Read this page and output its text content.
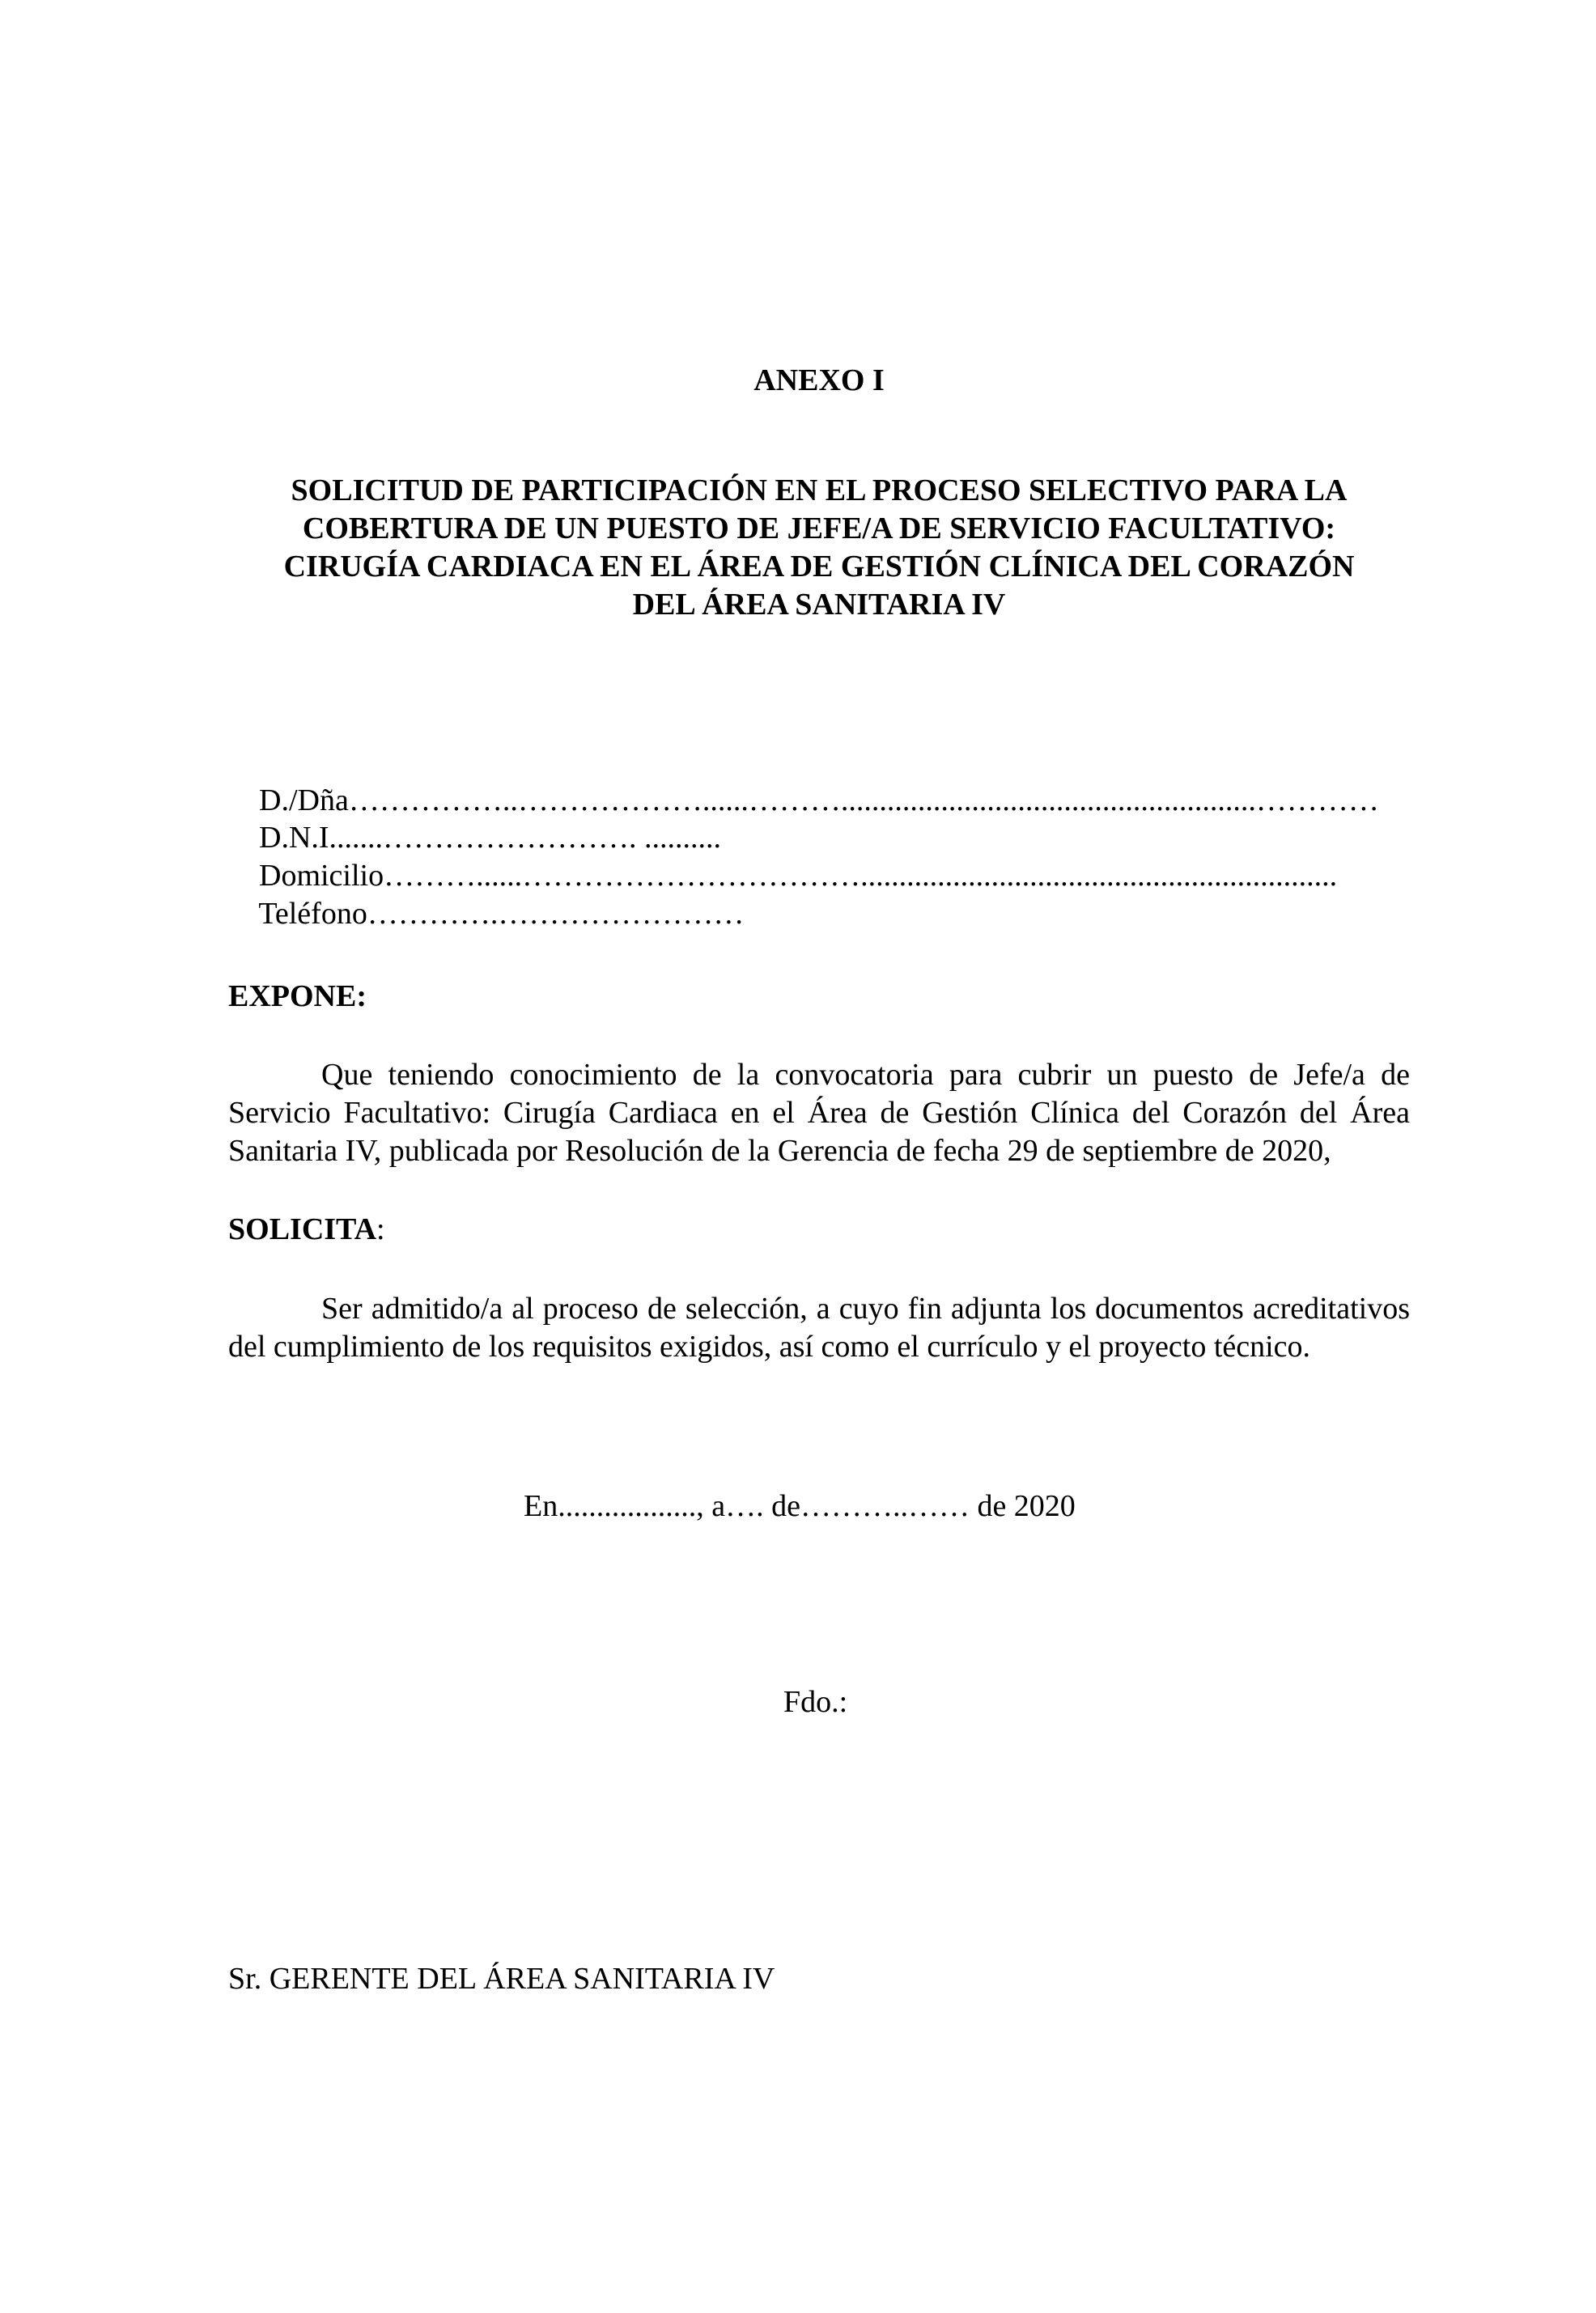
ANEXO I
SOLICITUD DE PARTICIPACIÓN EN EL PROCESO SELECTIVO PARA LA
COBERTURA DE UN PUESTO DE JEFE/A DE SERVICIO FACULTATIVO:
CIRUGÍA CARDIACA EN EL ÁREA DE GESTIÓN CLÍNICA DEL CORAZÓN
DEL ÁREA SANITARIA IV

D./Dña……………..………………......………......................................................…………

D.N.I.......……………………. ..........

Domicilio………......……………………………..............................................................

Teléfono………….……………………

EXPONE:
Que teniendo conocimiento de la convocatoria para cubrir un puesto de Jefe/a de Servicio Facultativo: Cirugía Cardiaca en el Área de Gestión Clínica del Corazón del Área Sanitaria IV, publicada por Resolución de la Gerencia de fecha 29 de septiembre de 2020,
SOLICITA:
Ser admitido/a al proceso de selección, a cuyo fin adjunta los documentos acreditativos del cumplimiento de los requisitos exigidos, así como el currículo y el proyecto técnico.
En.................., a…. de………..…… de 2020
Fdo.:
Sr. GERENTE DEL ÁREA SANITARIA IV
